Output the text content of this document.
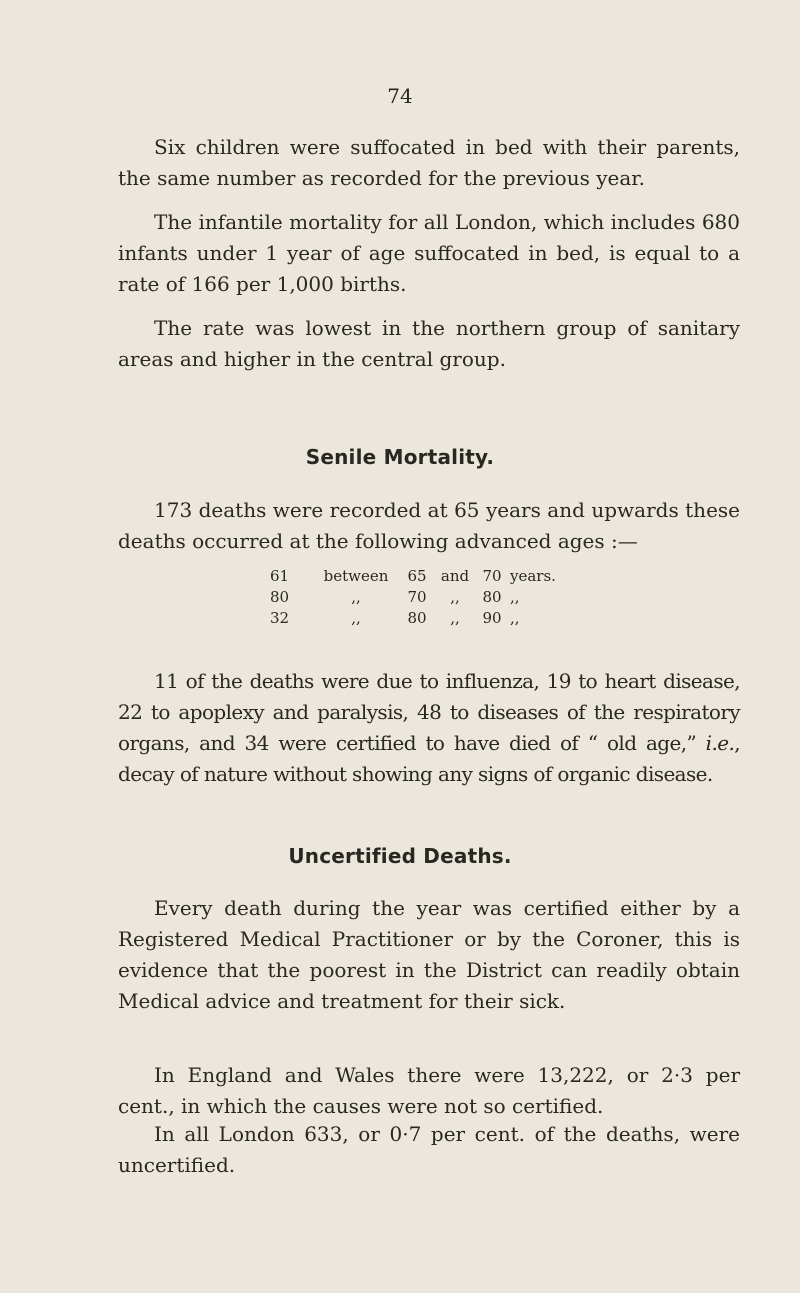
74

Six children were suffocated in bed with their parents, the same number as recorded for the previous year.

The infantile mortality for all London, which includes 680 infants under 1 year of age suffocated in bed, is equal to a rate of 166 per 1,000 births.

The rate was lowest in the northern group of sanitary areas and higher in the central group.

Senile Mortality.

173 deaths were recorded at 65 years and upwards these deaths occurred at the following advanced ages :—

61	between	65	and	70	years.
80	,,	70	,,	80	,,
32	,,	80	,,	90	,,

11 of the deaths were due to influenza, 19 to heart disease, 22 to apoplexy and paralysis, 48 to diseases of the respiratory organs, and 34 were certified to have died of “ old age,” i.e., decay of nature without showing any signs of organic disease.

Uncertified Deaths.

Every death during the year was certified either by a Registered Medical Practitioner or by the Coroner, this is evidence that the poorest in the District can readily obtain Medical advice and treatment for their sick.

In England and Wales there were 13,222, or 2·3 per cent., in which the causes were not so certified.

In all London 633, or 0·7 per cent. of the deaths, were uncertified.
